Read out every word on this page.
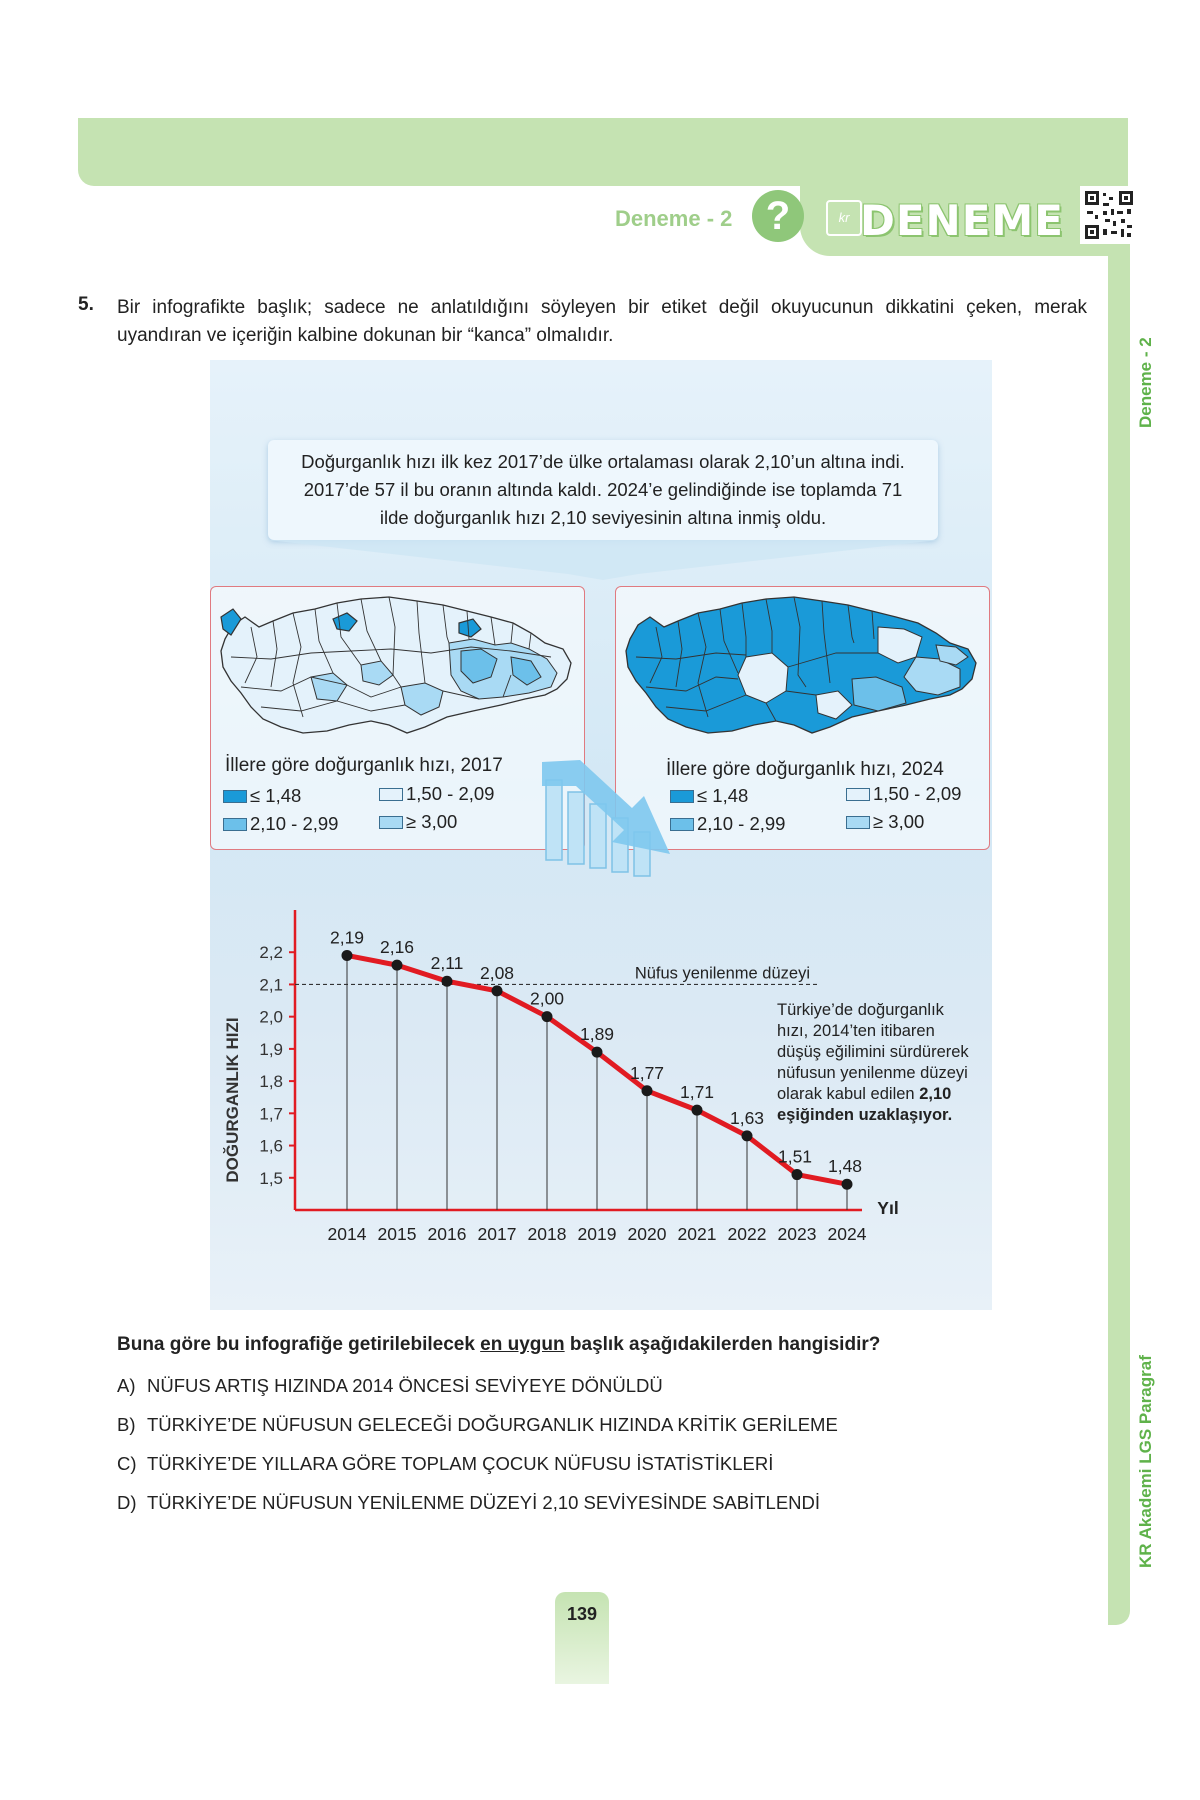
Deneme - 2 ?	kr DENEME
Deneme - 2
KR Akademi LGS Paragraf
5. Bir infografikte başlık; sadece ne anlatıldığını söyleyen bir etiket değil okuyucunun dikkatini çeken, merak uyandıran ve içeriğin kalbine dokunan bir “kanca” olmalıdır.
Doğurganlık hızı ilk kez 2017’de ülke ortalaması olarak 2,10’un altına indi.
2017’de 57 il bu oranın altında kaldı. 2024’e gelindiğinde ise toplamda 71
ilde doğurganlık hızı 2,10 seviyesinin altına inmiş oldu.
İllere göre doğurganlık hızı, 2017
≤ 1,48	1,50 - 2,09
2,10 - 2,99	≥ 3,00
İllere göre doğurganlık hızı, 2024
≤ 1,48	1,50 - 2,09
2,10 - 2,99	≥ 3,00
DOĞURGANLIK HIZI 1,5
1,6
1,7
1,8
1,9
2,0
2,1
2,2
Nüfus yenilenme düzeyi
2014 2015 2016 2017 2018 2019 2020 2021 2022 2023 2024
2,19 2,16
2,11 2,08
2,00
1,89
1,77
1,71
1,63
1,51 1,48
Yıl
Türkiye’de doğurganlık
hızı, 2014’ten itibaren
düşüş eğilimini sürdürerek
nüfusun yenilenme düzeyi
olarak kabul edilen 2,10
eşiğinden uzaklaşıyor.
Buna göre bu infografiğe getirilebilecek en uygun başlık aşağıdakilerden hangisidir?
A) NÜFUS ARTIŞ HIZINDA 2014 ÖNCESİ SEVİYEYE DÖNÜLDÜ
B) TÜRKİYE’DE NÜFUSUN GELECEĞİ DOĞURGANLIK HIZINDA KRİTİK GERİLEME
C) TÜRKİYE’DE YILLARA GÖRE TOPLAM ÇOCUK NÜFUSU İSTATİSTİKLERİ
D) TÜRKİYE’DE NÜFUSUN YENİLENME DÜZEYİ 2,10 SEVİYESİNDE SABİTLENDİ
139
